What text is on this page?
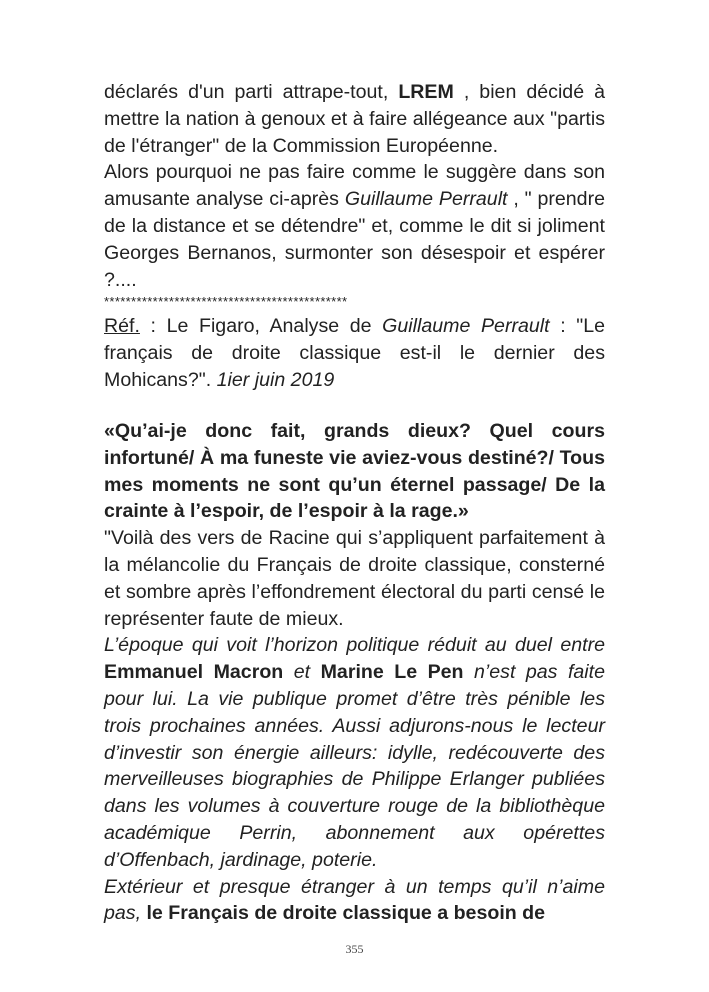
déclarés d'un parti attrape-tout, LREM , bien décidé à mettre la nation à genoux et à faire allégeance aux "partis de l'étranger" de la Commission Européenne.

Alors pourquoi ne pas faire comme le suggère dans son amusante analyse ci-après Guillaume Perrault , " prendre de la distance et se détendre" et, comme le dit si joliment Georges Bernanos, surmonter son désespoir et espérer ?....

*********************************************

Réf. : Le Figaro, Analyse de Guillaume Perrault : "Le français de droite classique est-il le dernier des Mohicans?". 1ier juin 2019

«Qu’ai-je donc fait, grands dieux? Quel cours infortuné/ À ma funeste vie aviez-vous destiné?/ Tous mes moments ne sont qu’un éternel passage/ De la crainte à l’espoir, de l’espoir à la rage.»

"Voilà des vers de Racine qui s’appliquent parfaitement à la mélancolie du Français de droite classique, consterné et sombre après l’effondrement électoral du parti censé le représenter faute de mieux.

L’époque qui voit l’horizon politique réduit au duel entre Emmanuel Macron et Marine Le Pen n’est pas faite pour lui. La vie publique promet d’être très pénible les trois prochaines années. Aussi adjurons-nous le lecteur d’investir son énergie ailleurs: idylle, redécouverte des merveilleuses biographies de Philippe Erlanger publiées dans les volumes à couverture rouge de la bibliothèque académique Perrin, abonnement aux opérettes d’Offenbach, jardinage, poterie.

Extérieur et presque étranger à un temps qu’il n’aime pas, le Français de droite classique a besoin de

355
